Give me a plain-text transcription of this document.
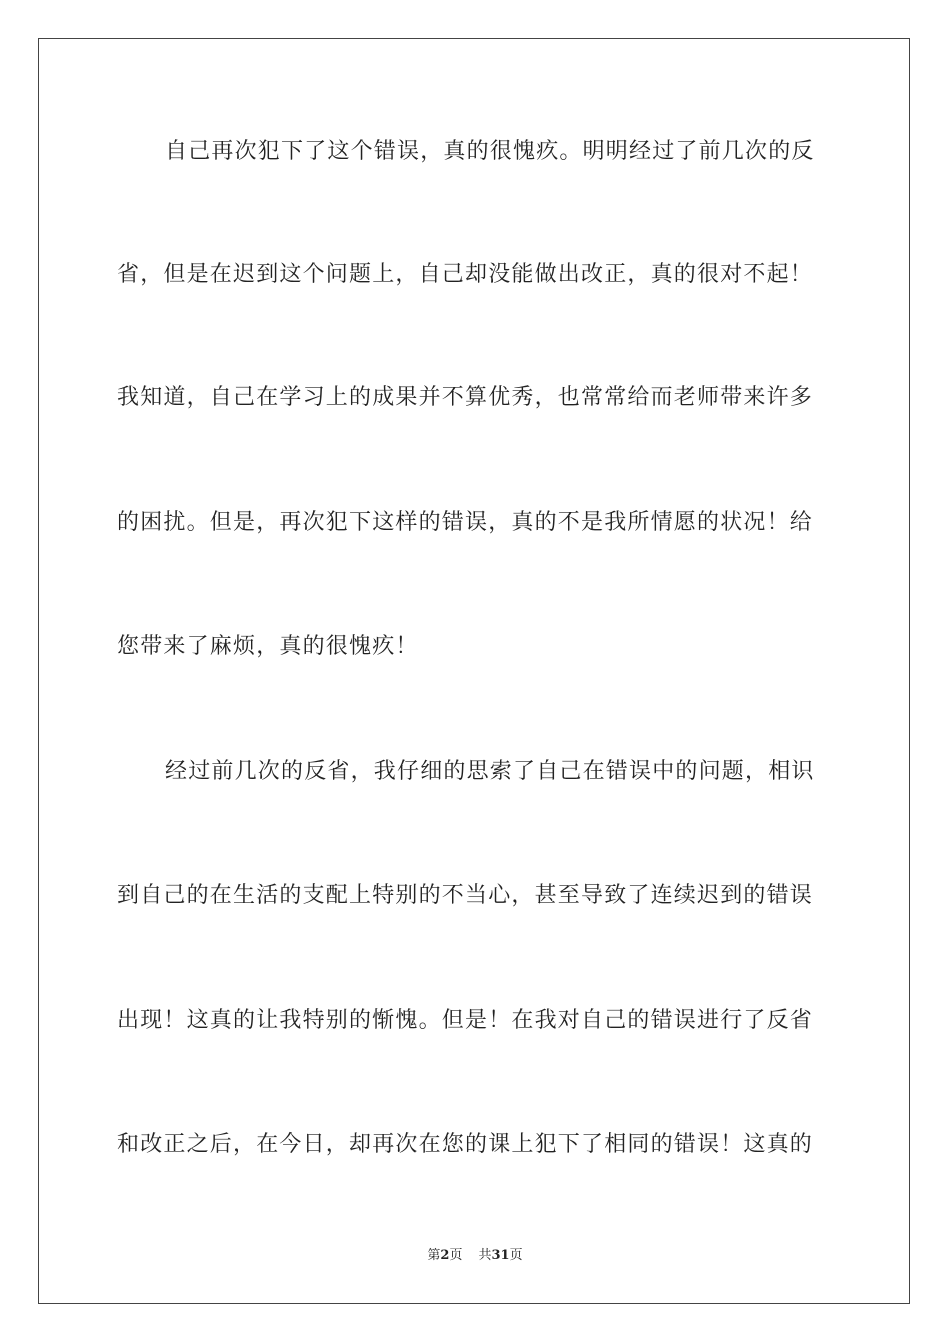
自己再次犯下了这个错误，真的很愧疚。明明经过了前几次的反
省，但是在迟到这个问题上，自己却没能做出改正，真的很对不起！
我知道，自己在学习上的成果并不算优秀，也常常给而老师带来许多
的困扰。但是，再次犯下这样的错误，真的不是我所情愿的状况！给
您带来了麻烦，真的很愧疚！
经过前几次的反省，我仔细的思索了自己在错误中的问题，相识
到自己的在生活的支配上特别的不当心，甚至导致了连续迟到的错误
出现！这真的让我特别的惭愧。但是！在我对自己的错误进行了反省
和改正之后，在今日，却再次在您的课上犯下了相同的错误！这真的
第2页 共31页
